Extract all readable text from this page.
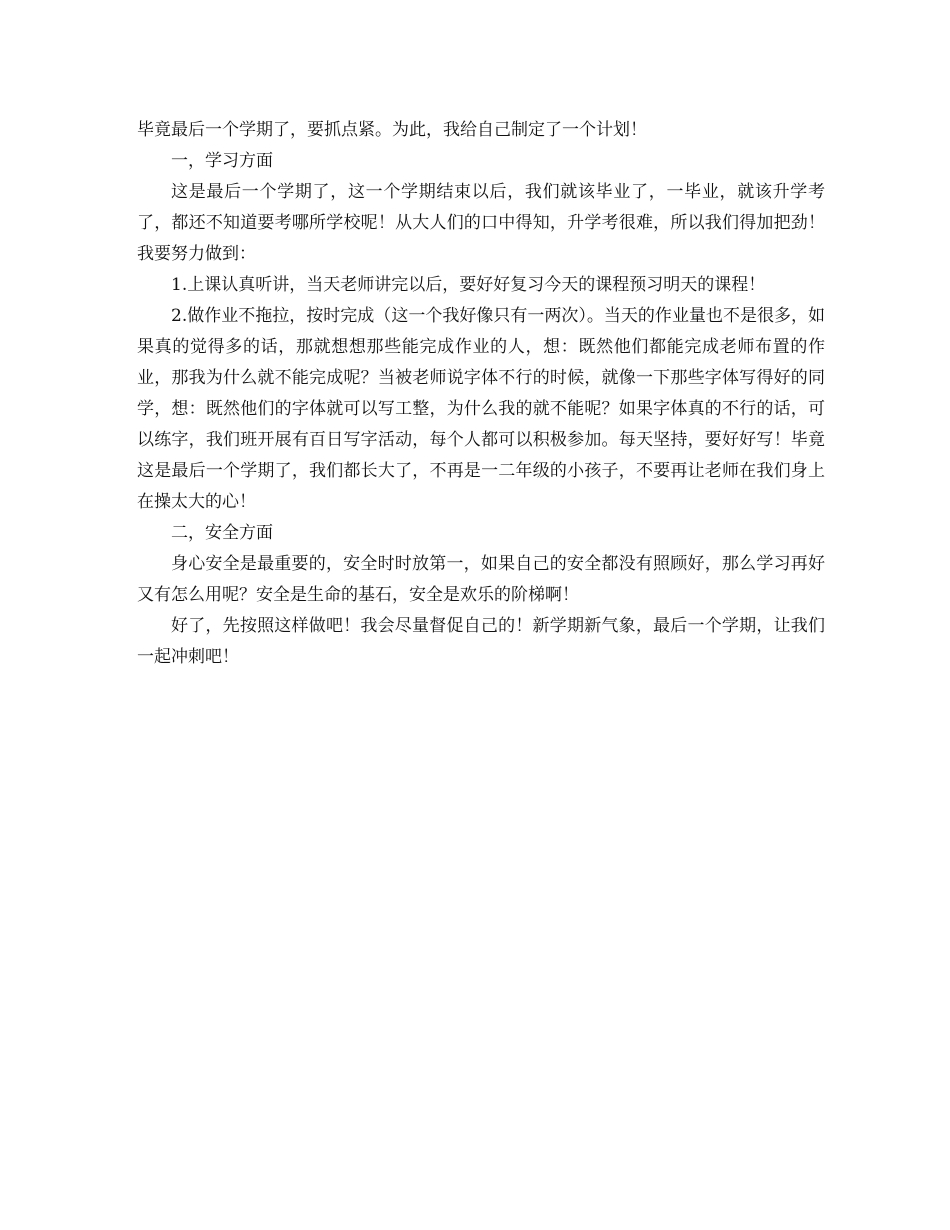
毕竟最后一个学期了，要抓点紧。为此，我给自己制定了一个计划！

一，学习方面

这是最后一个学期了，这一个学期结束以后，我们就该毕业了，一毕业，就该升学考了，都还不知道要考哪所学校呢！从大人们的口中得知，升学考很难，所以我们得加把劲！我要努力做到：

1.上课认真听讲，当天老师讲完以后，要好好复习今天的课程预习明天的课程！

2.做作业不拖拉，按时完成（这一个我好像只有一两次）。当天的作业量也不是很多，如果真的觉得多的话，那就想想那些能完成作业的人，想：既然他们都能完成老师布置的作业，那我为什么就不能完成呢？当被老师说字体不行的时候，就像一下那些字体写得好的同学，想：既然他们的字体就可以写工整，为什么我的就不能呢？如果字体真的不行的话，可以练字，我们班开展有百日写字活动，每个人都可以积极参加。每天坚持，要好好写！毕竟这是最后一个学期了，我们都长大了，不再是一二年级的小孩子，不要再让老师在我们身上在操太大的心！

二，安全方面

身心安全是最重要的，安全时时放第一，如果自己的安全都没有照顾好，那么学习再好又有怎么用呢？安全是生命的基石，安全是欢乐的阶梯啊！

好了，先按照这样做吧！我会尽量督促自己的！新学期新气象，最后一个学期，让我们一起冲刺吧！
